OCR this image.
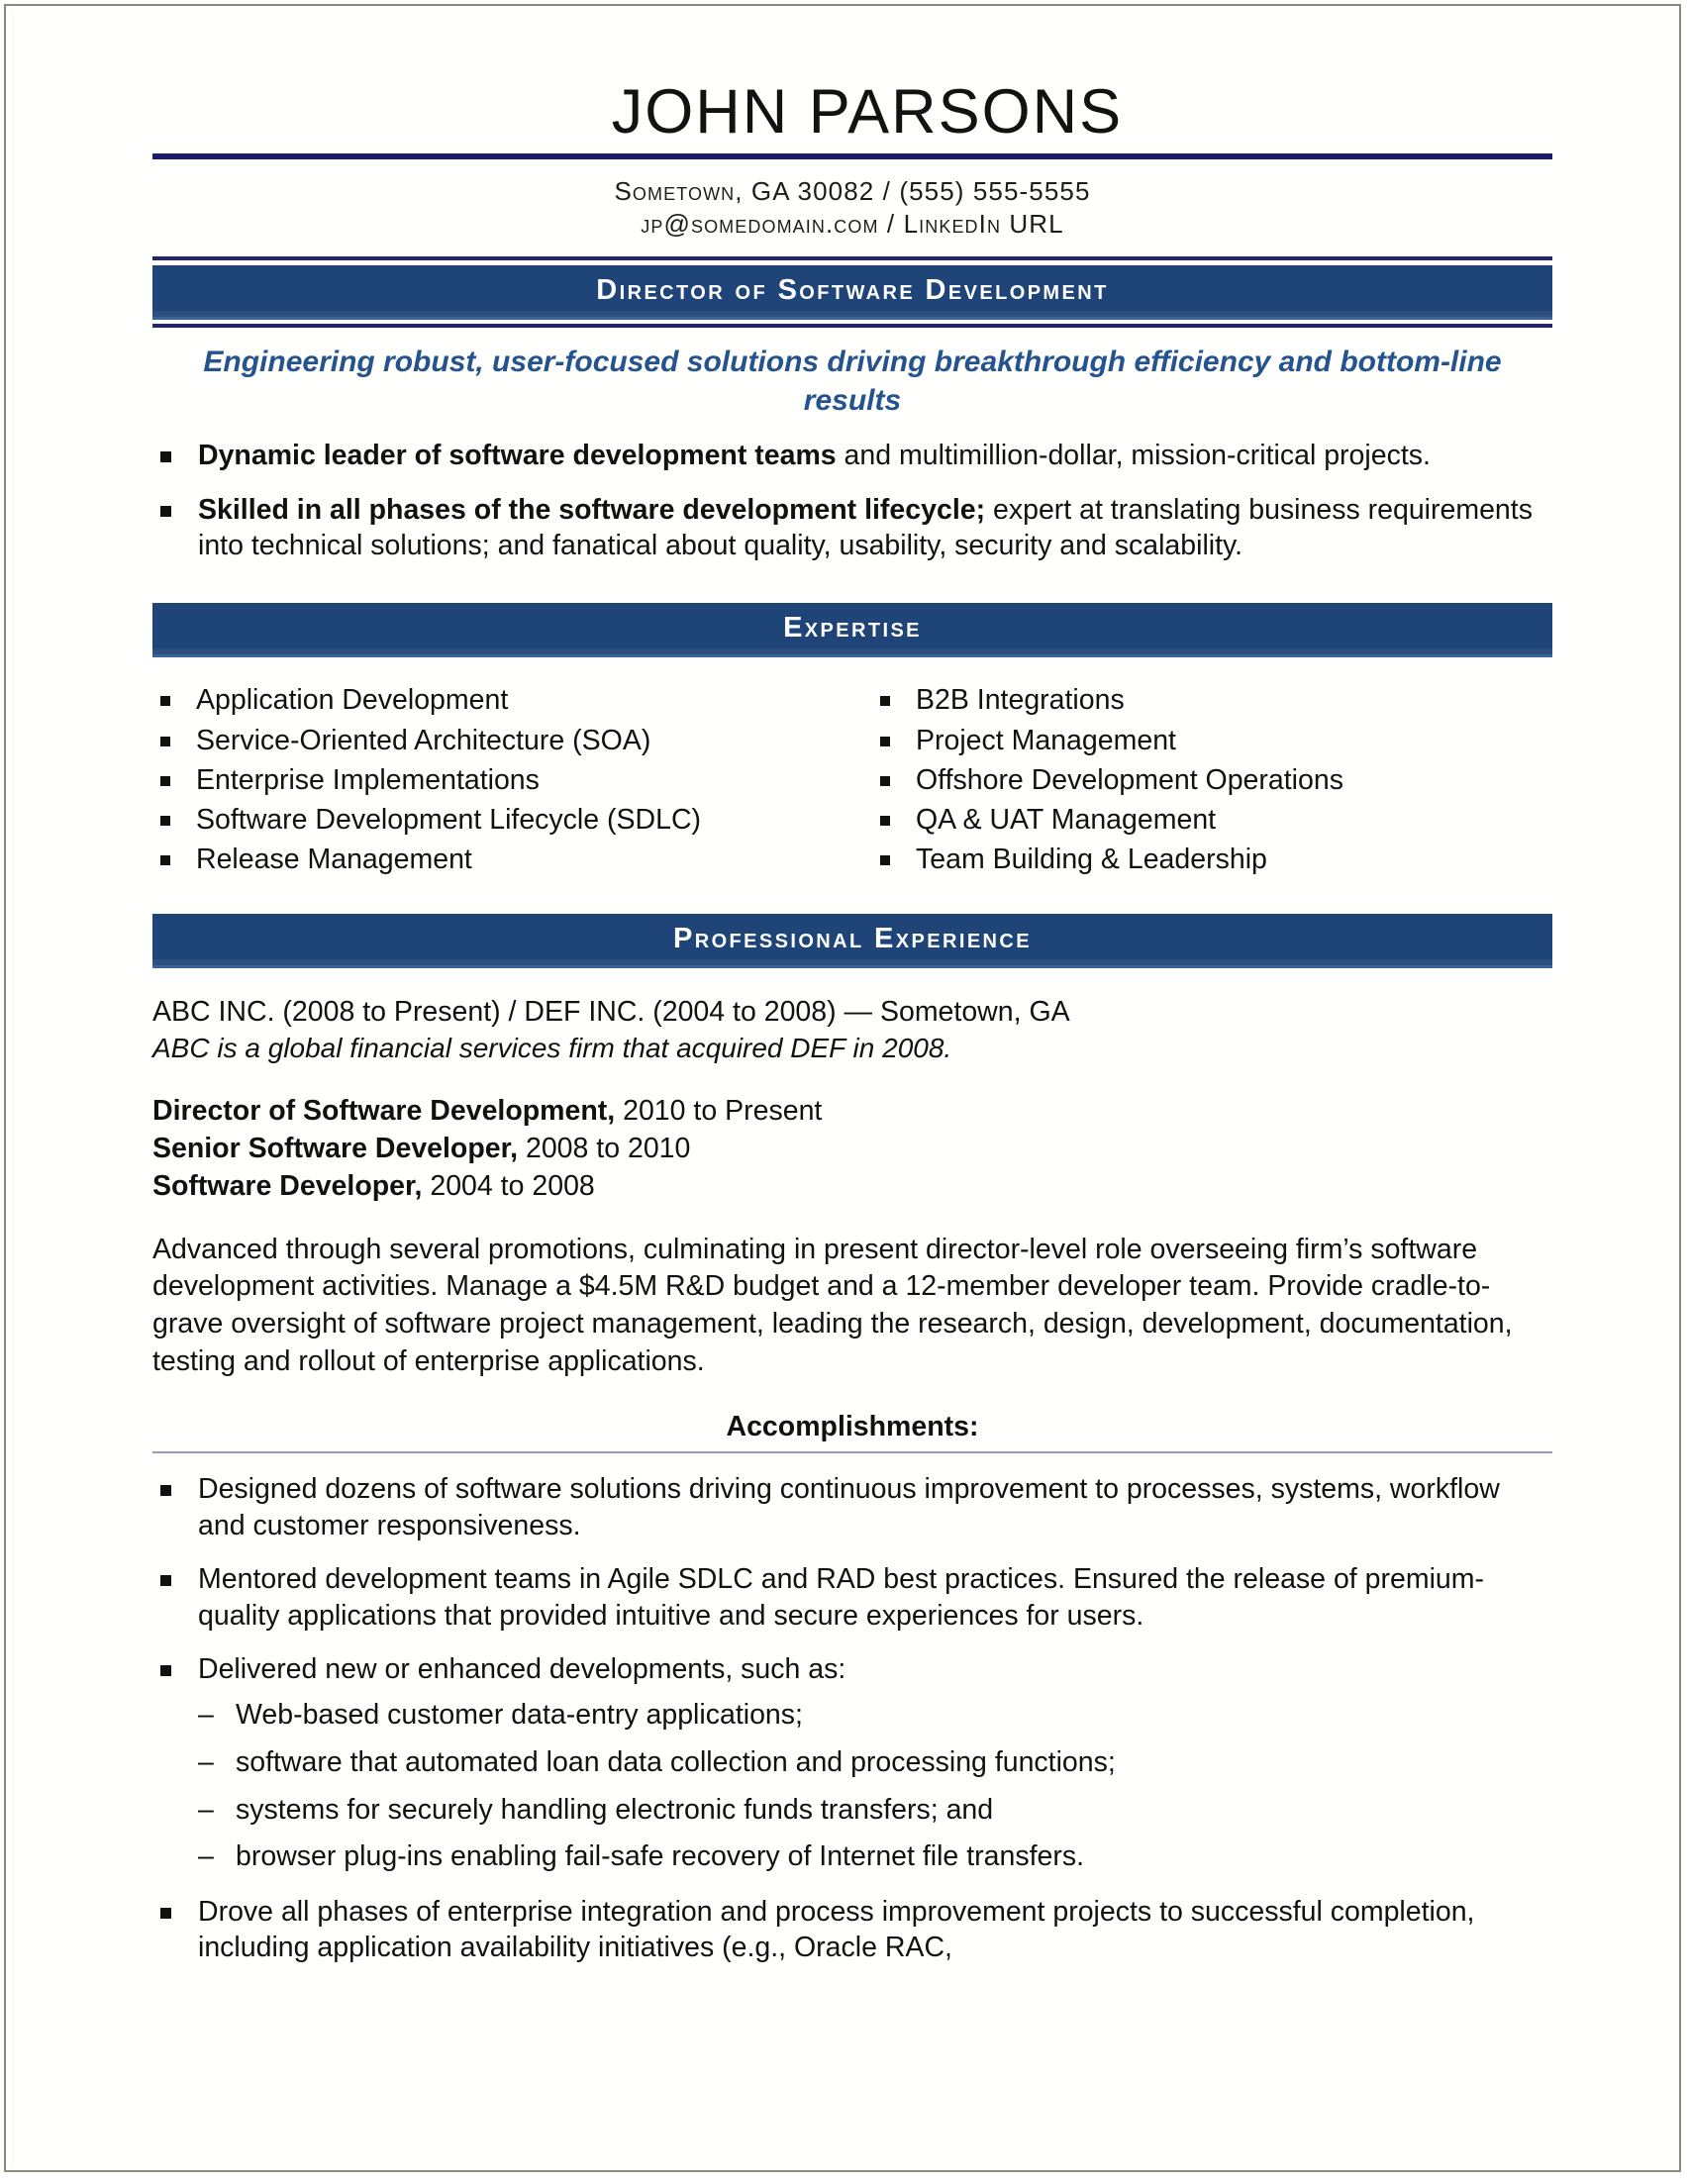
JOHN PARSONS
Sometown, GA 30082 / (555) 555-5555
jp@somedomain.com / LinkedIn URL
Director of Software Development
Engineering robust, user-focused solutions driving breakthrough efficiency and bottom-line results
Dynamic leader of software development teams and multimillion-dollar, mission-critical projects.
Skilled in all phases of the software development lifecycle; expert at translating business requirements into technical solutions; and fanatical about quality, usability, security and scalability.
Expertise
Application Development
Service-Oriented Architecture (SOA)
Enterprise Implementations
Software Development Lifecycle (SDLC)
Release Management
B2B Integrations
Project Management
Offshore Development Operations
QA & UAT Management
Team Building & Leadership
Professional Experience
ABC INC. (2008 to Present) / DEF INC. (2004 to 2008) — Sometown, GA
ABC is a global financial services firm that acquired DEF in 2008.
Director of Software Development, 2010 to Present
Senior Software Developer, 2008 to 2010
Software Developer, 2004 to 2008
Advanced through several promotions, culminating in present director-level role overseeing firm’s software development activities. Manage a $4.5M R&D budget and a 12-member developer team. Provide cradle-to-grave oversight of software project management, leading the research, design, development, documentation, testing and rollout of enterprise applications.
Accomplishments:
Designed dozens of software solutions driving continuous improvement to processes, systems, workflow and customer responsiveness.
Mentored development teams in Agile SDLC and RAD best practices. Ensured the release of premium-quality applications that provided intuitive and secure experiences for users.
Delivered new or enhanced developments, such as:
– Web-based customer data-entry applications;
– software that automated loan data collection and processing functions;
– systems for securely handling electronic funds transfers; and
– browser plug-ins enabling fail-safe recovery of Internet file transfers.
Drove all phases of enterprise integration and process improvement projects to successful completion, including application availability initiatives (e.g., Oracle RAC,
